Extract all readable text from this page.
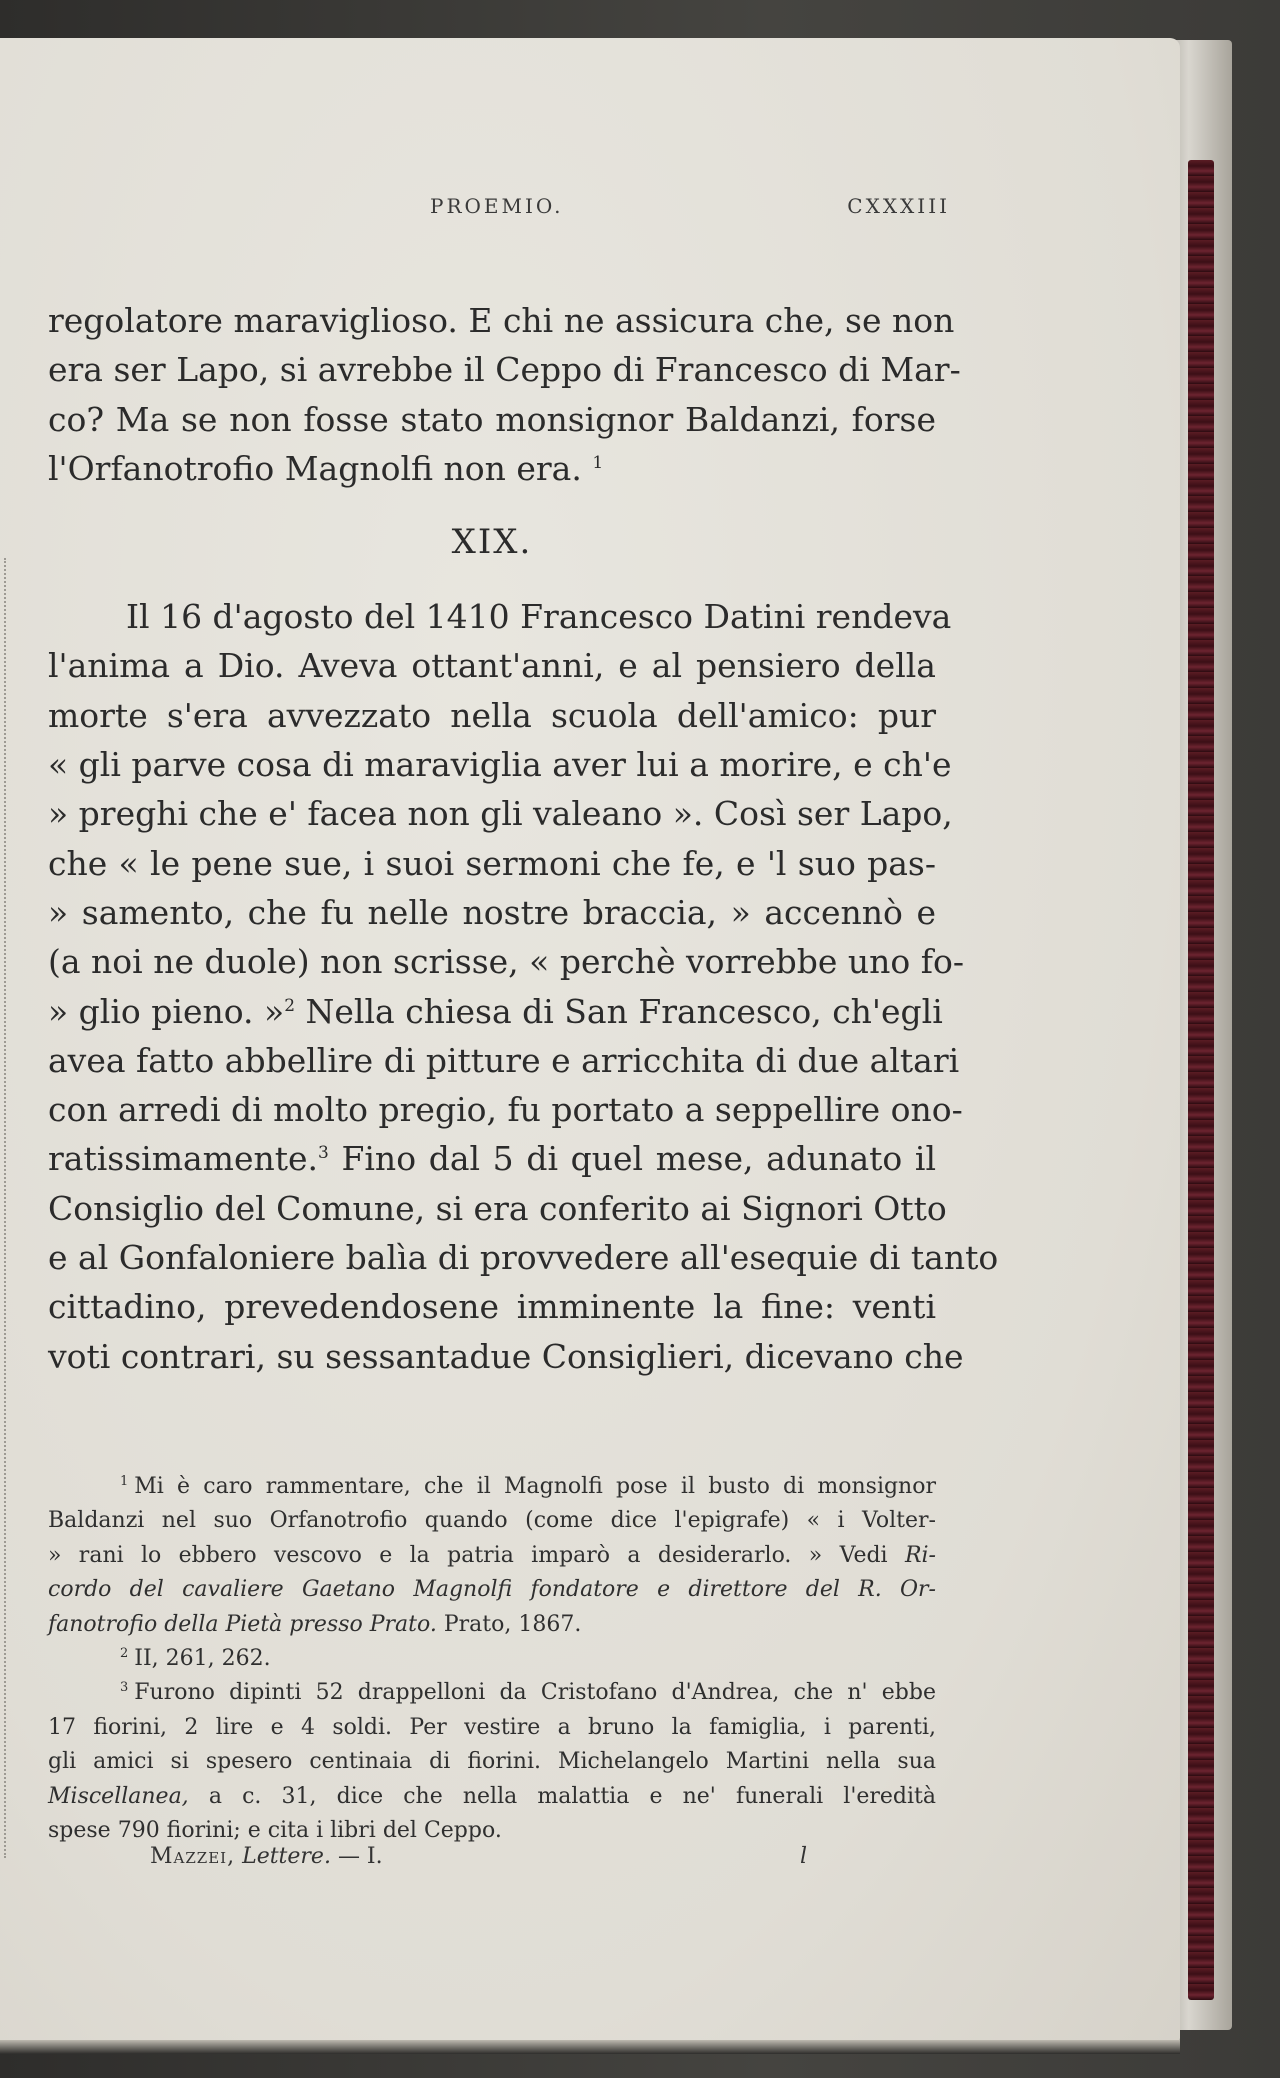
PROEMIO.	CXXXIII
regolatore maraviglioso. E chi ne assicura che, se non
era ser Lapo, si avrebbe il Ceppo di Francesco di Mar-
co? Ma se non fosse stato monsignor Baldanzi, forse
l'Orfanotrofio Magnolfi non era. $^1$
XIX.
Il 16 d'agosto del 1410 Francesco Datini rendeva
l'anima a Dio. Aveva ottant'anni, e al pensiero della
morte s'era avvezzato nella scuola dell'amico: pur
« gli parve cosa di maraviglia aver lui a morire, e ch'e
» preghi che e' facea non gli valeano ». Così ser Lapo,
che « le pene sue, i suoi sermoni che fe, e 'l suo pas-
» samento, che fu nelle nostre braccia, » accennò e
(a noi ne duole) non scrisse, « perchè vorrebbe uno fo-
» glio pieno. »$^2$ Nella chiesa di San Francesco, ch'egli
avea fatto abbellire di pitture e arricchita di due altari
con arredi di molto pregio, fu portato a seppellire ono-
ratissimamente.$^3$ Fino dal 5 di quel mese, adunato il
Consiglio del Comune, si era conferito ai Signori Otto
e al Gonfaloniere balìa di provvedere all'esequie di tanto
cittadino, prevedendosene imminente la fine: venti
voti contrari, su sessantadue Consiglieri, dicevano che
$^1$ Mi è caro rammentare, che il Magnolfi pose il busto di monsignor
Baldanzi nel suo Orfanotrofio quando (come dice l'epigrafe) « i Volter-
» rani lo ebbero vescovo e la patria imparò a desiderarlo. » Vedi Ri-
cordo del cavaliere Gaetano Magnolfi fondatore e direttore del R. Or-
fanotrofio della Pietà presso Prato. Prato, 1867.
$^2$ II, 261, 262.
$^3$ Furono dipinti 52 drappelloni da Cristofano d'Andrea, che n' ebbe
17 fiorini, 2 lire e 4 soldi. Per vestire a bruno la famiglia, i parenti,
gli amici si spesero centinaia di fiorini. Michelangelo Martini nella sua
Miscellanea, a c. 31, dice che nella malattia e ne' funerali l'eredità
spese 790 fiorini; e cita i libri del Ceppo.
Mazzei, Lettere. — I.	l
